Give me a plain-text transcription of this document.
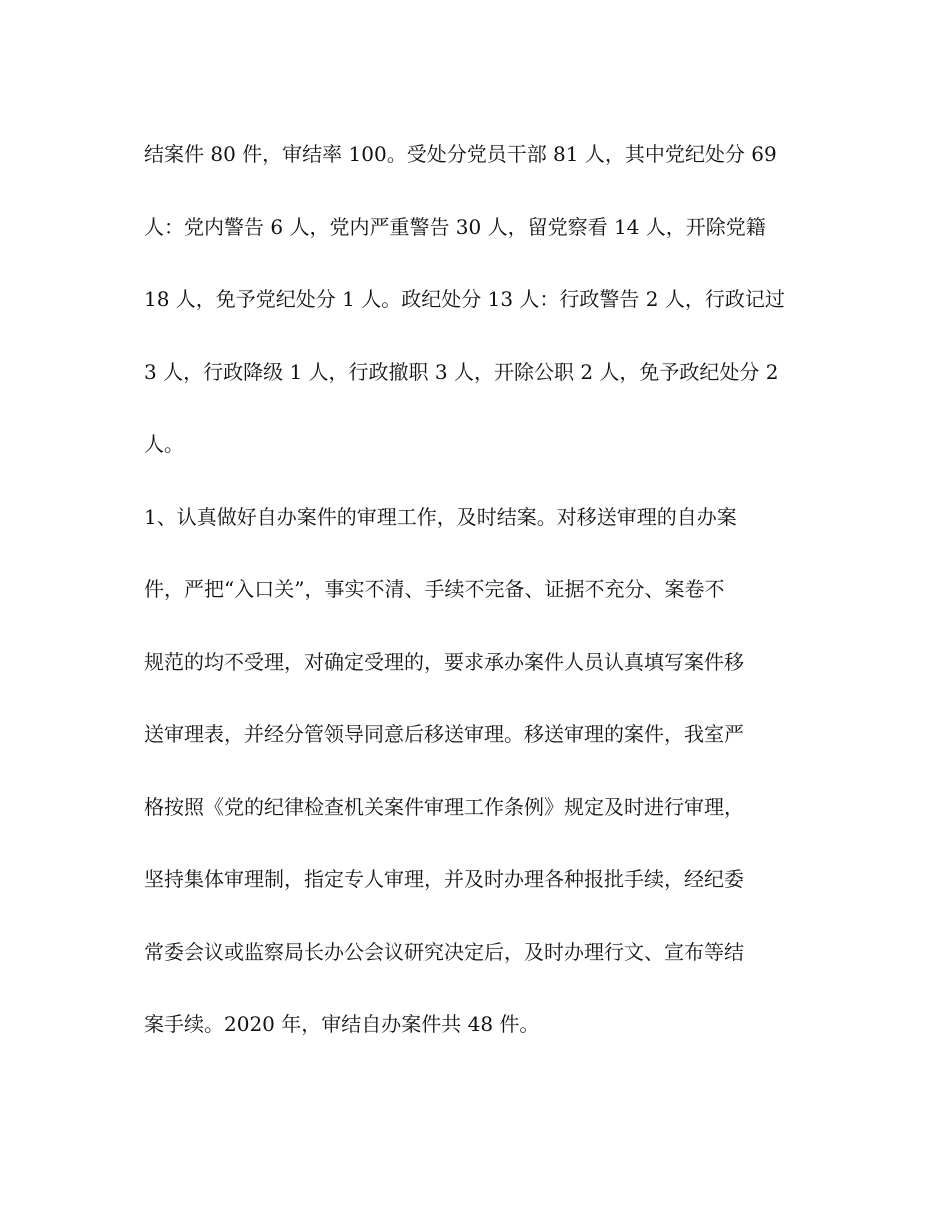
结案件 80 件，审结率 100。受处分党员干部 81 人，其中党纪处分 69
人：党内警告 6 人，党内严重警告 30 人，留党察看 14 人，开除党籍
18 人，免予党纪处分 1 人。政纪处分 13 人：行政警告 2 人，行政记过
3 人，行政降级 1 人，行政撤职 3 人，开除公职 2 人，免予政纪处分 2
人。
1、认真做好自办案件的审理工作，及时结案。对移送审理的自办案
件，严把“入口关”，事实不清、手续不完备、证据不充分、案卷不
规范的均不受理，对确定受理的，要求承办案件人员认真填写案件移
送审理表，并经分管领导同意后移送审理。移送审理的案件，我室严
格按照《党的纪律检查机关案件审理工作条例》规定及时进行审理，
坚持集体审理制，指定专人审理，并及时办理各种报批手续，经纪委
常委会议或监察局长办公会议研究决定后，及时办理行文、宣布等结
案手续。2020 年，审结自办案件共 48 件。
